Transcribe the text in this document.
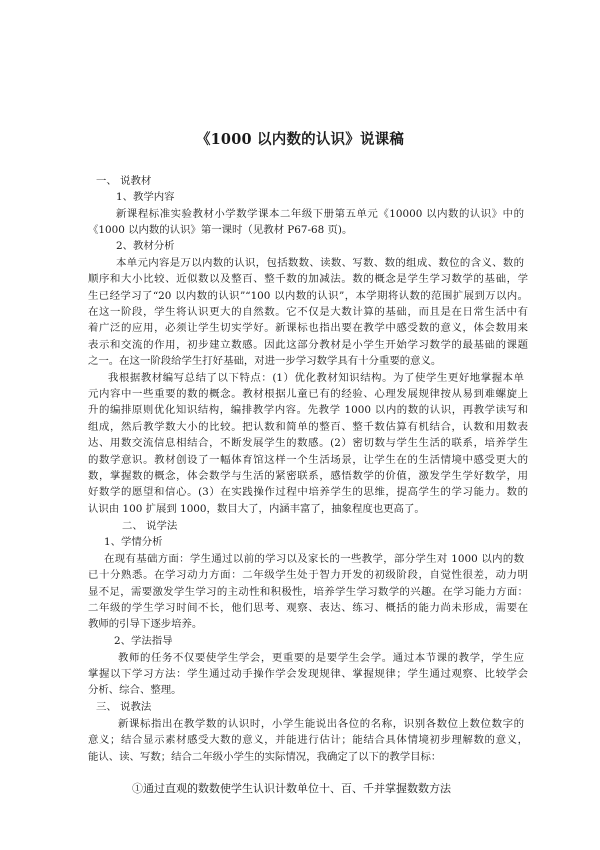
《1000 以内数的认识》说课稿
一、 说教材
1、教学内容
新课程标准实验教材小学数学课本二年级下册第五单元《10000 以内数的认识》中的
《1000 以内数的认识》第一课时（见教材 P67-68 页)。
2、教材分析
本单元内容是万以内数的认识，包括数数、读数、写数、数的组成、数位的含义、数的
顺序和大小比较、近似数以及整百、整千数的加减法。数的概念是学生学习数学的基础，学
生已经学习了“20 以内数的认识”“100 以内数的认识”，本学期将认数的范围扩展到万以内。
在这一阶段，学生将认识更大的自然数。它不仅是大数计算的基础，而且是在日常生活中有
着广泛的应用，必须让学生切实学好。新课标也指出要在教学中感受数的意义，体会数用来
表示和交流的作用，初步建立数感。因此这部分教材是小学生开始学习数学的最基础的课题
之一。在这一阶段给学生打好基础，对进一步学习数学具有十分重要的意义。
我根据教材编写总结了以下特点：(1）优化教材知识结构。为了使学生更好地掌握本单
元内容中一些重要的数的概念。教材根据儿童已有的经验、心理发展规律按从易到难螺旋上
升的编排原则优化知识结构，编排教学内容。先教学 1000 以内的数的认识，再教学读写和
组成，然后教学数大小的比较。把认数和简单的整百、整千数估算有机结合，认数和用数表
达、用数交流信息相结合，不断发展学生的数感。(2）密切数与学生生活的联系，培养学生
的数学意识。教材创设了一幅体育馆这样一个生活场景，让学生在的生活情境中感受更大的
数，掌握数的概念，体会数学与生活的紧密联系，感悟数学的价值，激发学生学好数学，用
好数学的愿望和信心。(3）在实践操作过程中培养学生的思维，提高学生的学习能力。数的
认识由 100 扩展到 1000，数目大了，内涵丰富了，抽象程度也更高了。
二、 说学法
1、学情分析
在现有基础方面：学生通过以前的学习以及家长的一些教学，部分学生对 1000 以内的数
已十分熟悉。在学习动力方面：二年级学生处于智力开发的初级阶段，自觉性很差，动力明
显不足，需要激发学生学习的主动性和积极性，培养学生学习数学的兴趣。在学习能力方面：
二年级的学生学习时间不长，他们思考、观察、表达、练习、概括的能力尚未形成，需要在
教师的引导下逐步培养。
2、学法指导
教师的任务不仅要使学生学会，更重要的是要学生会学。通过本节课的教学，学生应
掌握以下学习方法：学生通过动手操作学会发现规律、掌握规律；学生通过观察、比较学会
分析、综合、整理。
三、 说教法
新课标指出在教学数的认识时，小学生能说出各位的名称，识别各数位上数位数字的
意义；结合显示素材感受大数的意义，并能进行估计；能结合具体情境初步理解数的意义，
能认、读、写数；结合二年级小学生的实际情况，我确定了以下的教学目标：
①通过直观的数数使学生认识计数单位十、百、千并掌握数数方法
